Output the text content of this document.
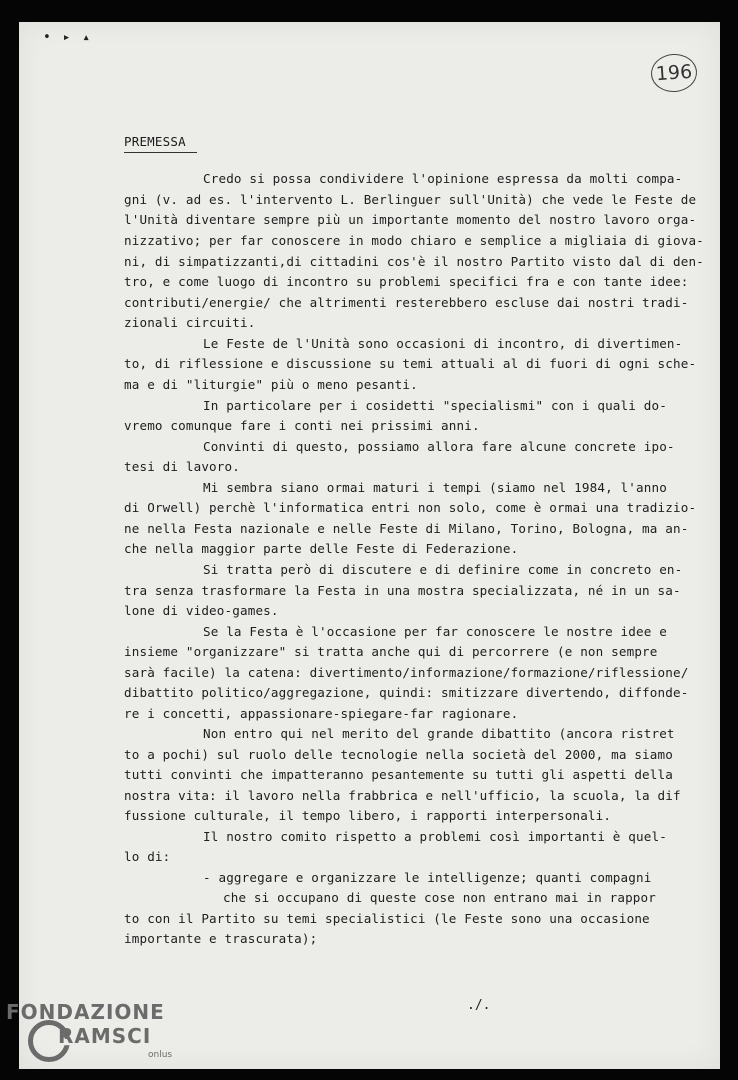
• ▸ ▴
196
PREMESSA
Credo si possa condividere l'opinione espressa da molti compa-
gni (v. ad es. l'intervento L. Berlinguer sull'Unità) che vede le Feste de
l'Unità diventare sempre più un importante momento del nostro lavoro orga-
nizzativo; per far conoscere in modo chiaro e semplice a migliaia di giova-
ni, di simpatizzanti,di cittadini cos'è il nostro Partito visto dal di den-
tro, e come luogo di incontro su problemi specifici fra e con tante idee:
contributi/energie/ che altrimenti resterebbero escluse dai nostri tradi-
zionali circuiti.
Le Feste de l'Unità sono occasioni di incontro, di divertimen-
to, di riflessione e discussione su temi attuali al di fuori di ogni sche-
ma e di "liturgie" più o meno pesanti.
In particolare per i cosidetti "specialismi" con i quali do-
vremo comunque fare i conti nei prissimi anni.
Convinti di questo, possiamo allora fare alcune concrete ipo-
tesi di lavoro.
Mi sembra siano ormai maturi i tempi (siamo nel 1984, l'anno
di Orwell) perchè l'informatica entri non solo, come è ormai una tradizio-
ne nella Festa nazionale e nelle Feste di Milano, Torino, Bologna, ma an-
che nella maggior parte delle Feste di Federazione.
Si tratta però di discutere e di definire come in concreto en-
tra senza trasformare la Festa in una mostra specializzata, né in un sa-
lone di video-games.
Se la Festa è l'occasione per far conoscere le nostre idee e
insieme "organizzare" si tratta anche qui di percorrere (e non sempre
sarà facile) la catena: divertimento/informazione/formazione/riflessione/
dibattito politico/aggregazione, quindi: smitizzare divertendo, diffonde-
re i concetti, appassionare-spiegare-far ragionare.
Non entro qui nel merito del grande dibattito (ancora ristret
to a pochi) sul ruolo delle tecnologie nella società del 2000, ma siamo
tutti convinti che impatteranno pesantemente su tutti gli aspetti della
nostra vita: il lavoro nella frabbrica e nell'ufficio, la scuola, la dif
fussione culturale, il tempo libero, i rapporti interpersonali.
Il nostro comito rispetto a problemi così importanti è quel-
lo di:
- aggregare e organizzare le intelligenze; quanti compagni
che si occupano di queste cose non entrano mai in rappor
to con il Partito su temi specialistici (le Feste sono una occasione
importante e trascurata);
./.
FONDAZIONE
RAMSCI
onlus
